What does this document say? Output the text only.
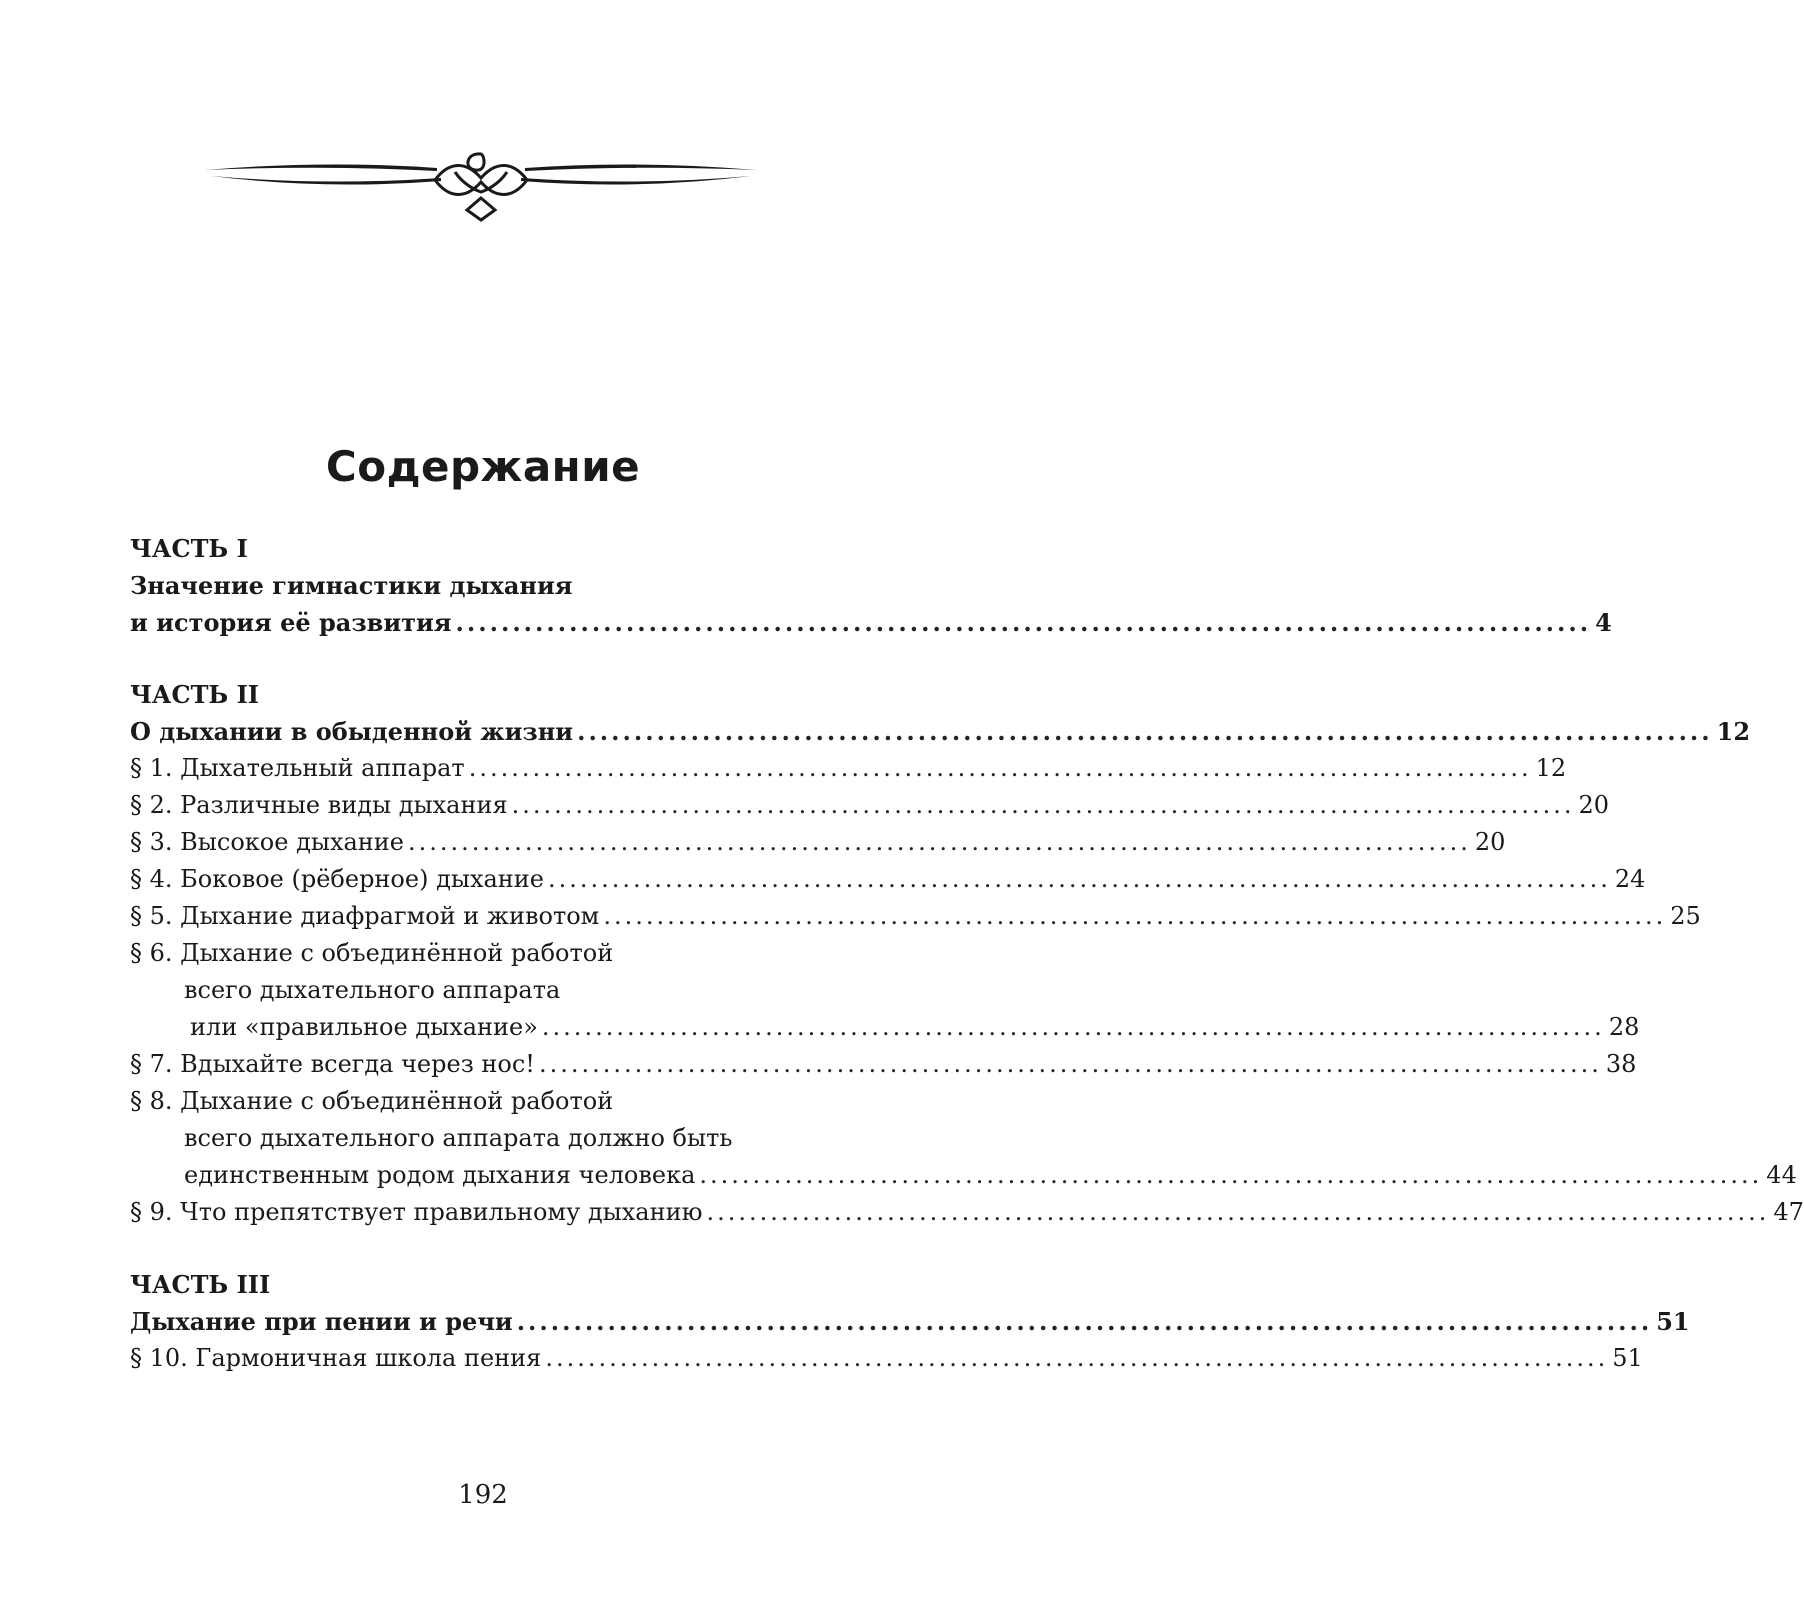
Содержание
ЧАСТЬ I
Значение гимнастики дыхания
и история её развития .................................................................................................... 4
ЧАСТЬ II
О дыхании в обыденной жизни .................................................................................................... 12
§ 1. Дыхательный аппарат .................................................................................................... 12
§ 2. Различные виды дыхания .................................................................................................... 20
§ 3. Высокое дыхание .................................................................................................... 20
§ 4. Боковое (рёберное) дыхание .................................................................................................... 24
§ 5. Дыхание диафрагмой и животом .................................................................................................... 25
§ 6. Дыхание с объединённой работой
всего дыхательного аппарата
или «правильное дыхание» .................................................................................................... 28
§ 7. Вдыхайте всегда через нос! .................................................................................................... 38
§ 8. Дыхание с объединённой работой
всего дыхательного аппарата должно быть
единственным родом дыхания человека .................................................................................................... 44
§ 9. Что препятствует правильному дыханию .................................................................................................... 47
ЧАСТЬ III
Дыхание при пении и речи .................................................................................................... 51
§ 10. Гармоничная школа пения .................................................................................................... 51
192
